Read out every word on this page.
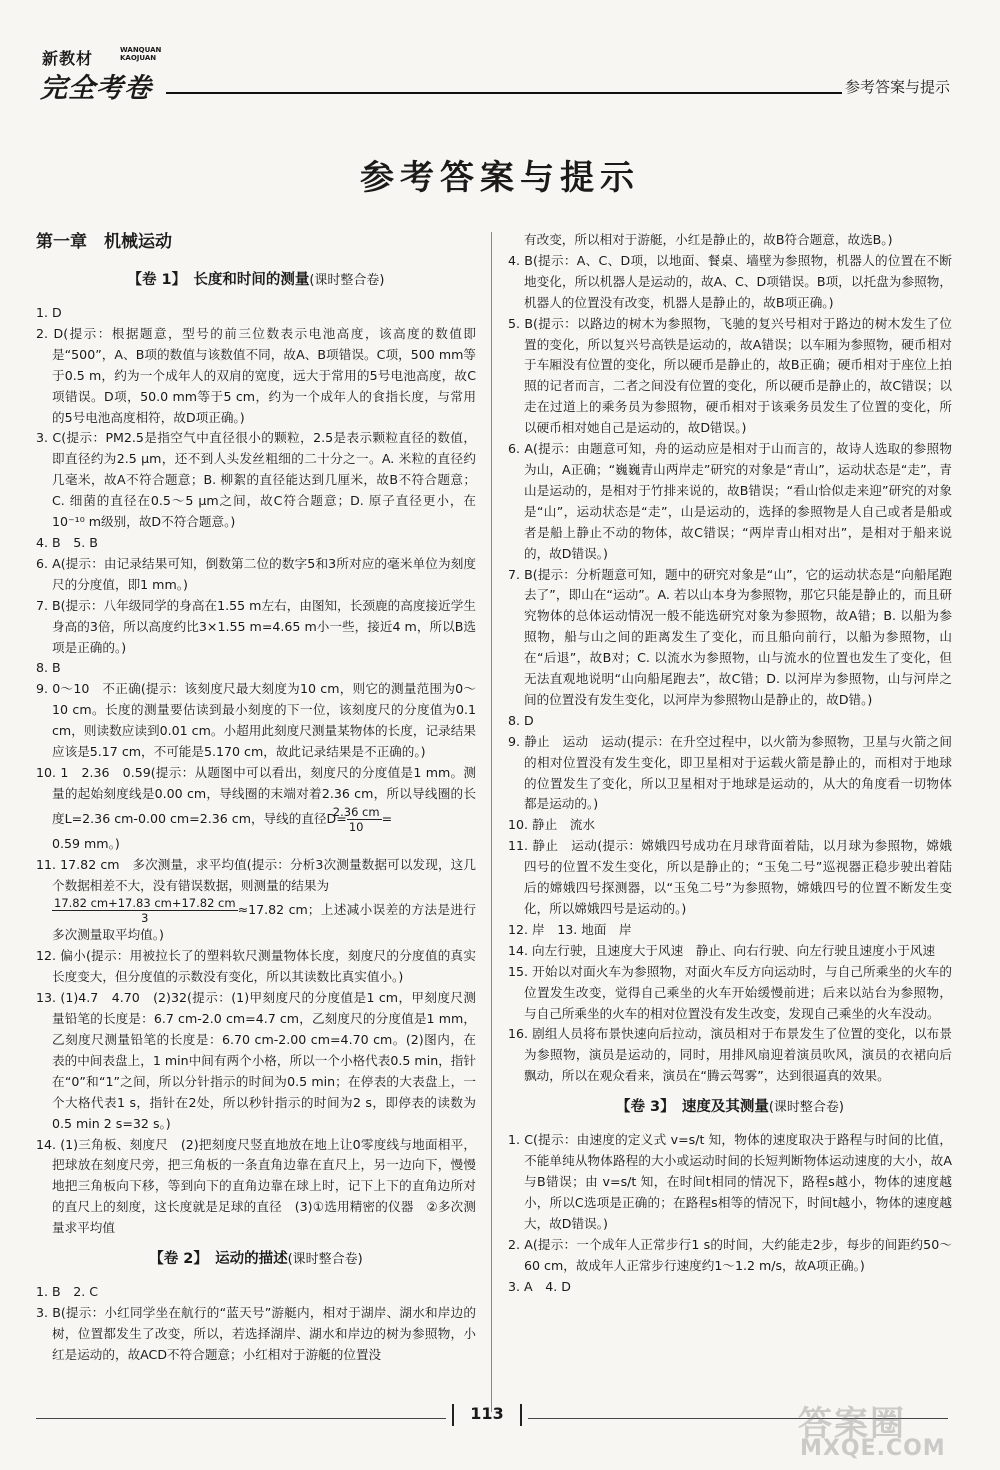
新教材	WANQUAN
KAOJUAN
完全考卷	参考答案与提示
参考答案与提示
第一章　机械运动
【卷 1】　长度和时间的测量(课时整合卷)

1. D

2. D(提示：根据题意，型号的前三位数表示电池高度，该高度的数值即是“500”，A、B项的数值与该数值不同，故A、B项错误。C项，500 mm等于0.5 m，约为一个成年人的双肩的宽度，远大于常用的5号电池高度，故C项错误。D项，50.0 mm等于5 cm，约为一个成年人的食指长度，与常用的5号电池高度相符，故D项正确。)

3. C(提示：PM2.5是指空气中直径很小的颗粒，2.5是表示颗粒直径的数值，即直径约为2.5 μm，还不到人头发丝粗细的二十分之一。A. 米粒的直径约几毫米，故A不符合题意；B. 柳絮的直径能达到几厘米，故B不符合题意；C. 细菌的直径在0.5～5 μm之间，故C符合题意；D. 原子直径更小，在10⁻¹⁰ m级别，故D不符合题意。)

4. B　5. B

6. A(提示：由记录结果可知，倒数第二位的数字5和3所对应的毫米单位为刻度尺的分度值，即1 mm。)

7. B(提示：八年级同学的身高在1.55 m左右，由图知，长颈鹿的高度接近学生身高的3倍，所以高度约比3×1.55 m=4.65 m小一些，接近4 m，所以B选项是正确的。)

8. B

9. 0～10　不正确(提示：该刻度尺最大刻度为10 cm，则它的测量范围为0～10 cm。长度的测量要估读到最小刻度的下一位，该刻度尺的分度值为0.1 cm，则读数应读到0.01 cm。小超用此刻度尺测量某物体的长度，记录结果应该是5.17 cm，不可能是5.170 cm，故此记录结果是不正确的。)

10. 1　2.36　0.59(提示：从题图中可以看出，刻度尺的分度值是1 mm。测量的起始刻度线是0.00 cm，导线圈的末端对着2.36 cm，所以导线圈的长度L=2.36 cm-0.00 cm=2.36 cm，导线的直径$D= \frac{2.36 cm}{10}$ =

0.59 mm。)

11. 17.82 cm　多次测量，求平均值(提示：分析3次测量数据可以发现，这几个数据相差不大，没有错误数据，则测量的结果为

$\frac{17.82 cm+17.83 cm+17.82 cm}{3} \approx 17.82$ cm；上述减小误差的方法是进行多次测量取平均值。)

12. 偏小(提示：用被拉长了的塑料软尺测量物体长度，刻度尺的分度值的真实长度变大，但分度值的示数没有变化，所以其读数比真实值小。)

13. (1)4.7　4.70　(2)32(提示：(1)甲刻度尺的分度值是1 cm，甲刻度尺测量铅笔的长度是：6.7 cm-2.0 cm=4.7 cm，乙刻度尺的分度值是1 mm，乙刻度尺测量铅笔的长度是：6.70 cm-2.00 cm=4.70 cm。(2)图内，在表的中间表盘上，1 min中间有两个小格，所以一个小格代表0.5 min，指针在“0”和“1”之间，所以分针指示的时间为0.5 min；在停表的大表盘上，一个大格代表1 s，指针在2处，所以秒针指示的时间为2 s，即停表的读数为0.5 min 2 s=32 s。)

14. (1)三角板、刻度尺　(2)把刻度尺竖直地放在地上让0零度线与地面相平，把球放在刻度尺旁，把三角板的一条直角边靠在直尺上，另一边向下，慢慢地把三角板向下移，等到向下的直角边靠在球上时，记下上下的直角边所对的直尺上的刻度，这长度就是足球的直径　(3)①选用精密的仪器　②多次测量求平均值

【卷 2】　运动的描述(课时整合卷)

1. B　2. C

3. B(提示：小红同学坐在航行的“蓝天号”游艇内，相对于湖岸、湖水和岸边的树，位置都发生了改变，所以，若选择湖岸、湖水和岸边的树为参照物，小红是运动的，故ACD不符合题意；小红相对于游艇的位置没

有改变，所以相对于游艇，小红是静止的，故B符合题意，故选B。)

4. B(提示：A、C、D项，以地面、餐桌、墙壁为参照物，机器人的位置在不断地变化，所以机器人是运动的，故A、C、D项错误。B项，以托盘为参照物，机器人的位置没有改变，机器人是静止的，故B项正确。)

5. B(提示：以路边的树木为参照物，飞驰的复兴号相对于路边的树木发生了位置的变化，所以复兴号高铁是运动的，故A错误；以车厢为参照物，硬币相对于车厢没有位置的变化，所以硬币是静止的，故B正确；硬币相对于座位上拍照的记者而言，二者之间没有位置的变化，所以硬币是静止的，故C错误；以走在过道上的乘务员为参照物，硬币相对于该乘务员发生了位置的变化，所以硬币相对她自己是运动的，故D错误。)

6. A(提示：由题意可知，舟的运动应是相对于山而言的，故诗人选取的参照物为山，A正确；“巍巍青山两岸走”研究的对象是“青山”，运动状态是“走”，青山是运动的，是相对于竹排来说的，故B错误；“看山恰似走来迎”研究的对象是“山”，运动状态是“走”，山是运动的，选择的参照物是人自己或者是船或者是船上静止不动的物体，故C错误；“两岸青山相对出”，是相对于船来说的，故D错误。)

7. B(提示：分析题意可知，题中的研究对象是“山”，它的运动状态是“向船尾跑去了”，即山在“运动”。A. 若以山本身为参照物，那它只能是静止的，而且研究物体的总体运动情况一般不能选研究对象为参照物，故A错；B. 以船为参照物，船与山之间的距离发生了变化，而且船向前行，以船为参照物，山在“后退”，故B对；C. 以流水为参照物，山与流水的位置也发生了变化，但无法直观地说明“山向船尾跑去”，故C错；D. 以河岸为参照物，山与河岸之间的位置没有发生变化，以河岸为参照物山是静止的，故D错。)

8. D

9. 静止　运动　运动(提示：在升空过程中，以火箭为参照物，卫星与火箭之间的相对位置没有发生变化，即卫星相对于运载火箭是静止的，而相对于地球的位置发生了变化，所以卫星相对于地球是运动的，从大的角度看一切物体都是运动的。)

10. 静止　流水

11. 静止　运动(提示：嫦娥四号成功在月球背面着陆，以月球为参照物，嫦娥四号的位置不发生变化，所以是静止的；“玉兔二号”巡视器正稳步驶出着陆后的嫦娥四号探测器，以“玉兔二号”为参照物，嫦娥四号的位置不断发生变化，所以嫦娥四号是运动的。)

12. 岸　13. 地面　岸

14. 向左行驶，且速度大于风速　静止、向右行驶、向左行驶且速度小于风速

15. 开始以对面火车为参照物，对面火车反方向运动时，与自己所乘坐的火车的位置发生改变，觉得自己乘坐的火车开始缓慢前进；后来以站台为参照物，与自己所乘坐的火车的相对位置没有发生改变，发现自己乘坐的火车没动。

16. 剧组人员将布景快速向后拉动，演员相对于布景发生了位置的变化，以布景为参照物，演员是运动的，同时，用排风扇迎着演员吹风，演员的衣裙向后飘动，所以在观众看来，演员在“腾云驾雾”，达到很逼真的效果。

【卷 3】　速度及其测量(课时整合卷)

1. C(提示：由速度的定义式 v=s/t 知，物体的速度取决于路程与时间的比值，不能单纯从物体路程的大小或运动时间的长短判断物体运动速度的大小，故A与B错误；由 v=s/t 知，在时间t相同的情况下，路程s越小，物体的速度越小，所以C选项是正确的；在路程s相等的情况下，时间t越小，物体的速度越大，故D错误。)

2. A(提示：一个成年人正常步行1 s的时间，大约能走2步，每步的间距约50～60 cm，故成年人正常步行速度约1～1.2 m/s，故A项正确。)

3. A　4. D

113	答案圈
MXQE.COM
